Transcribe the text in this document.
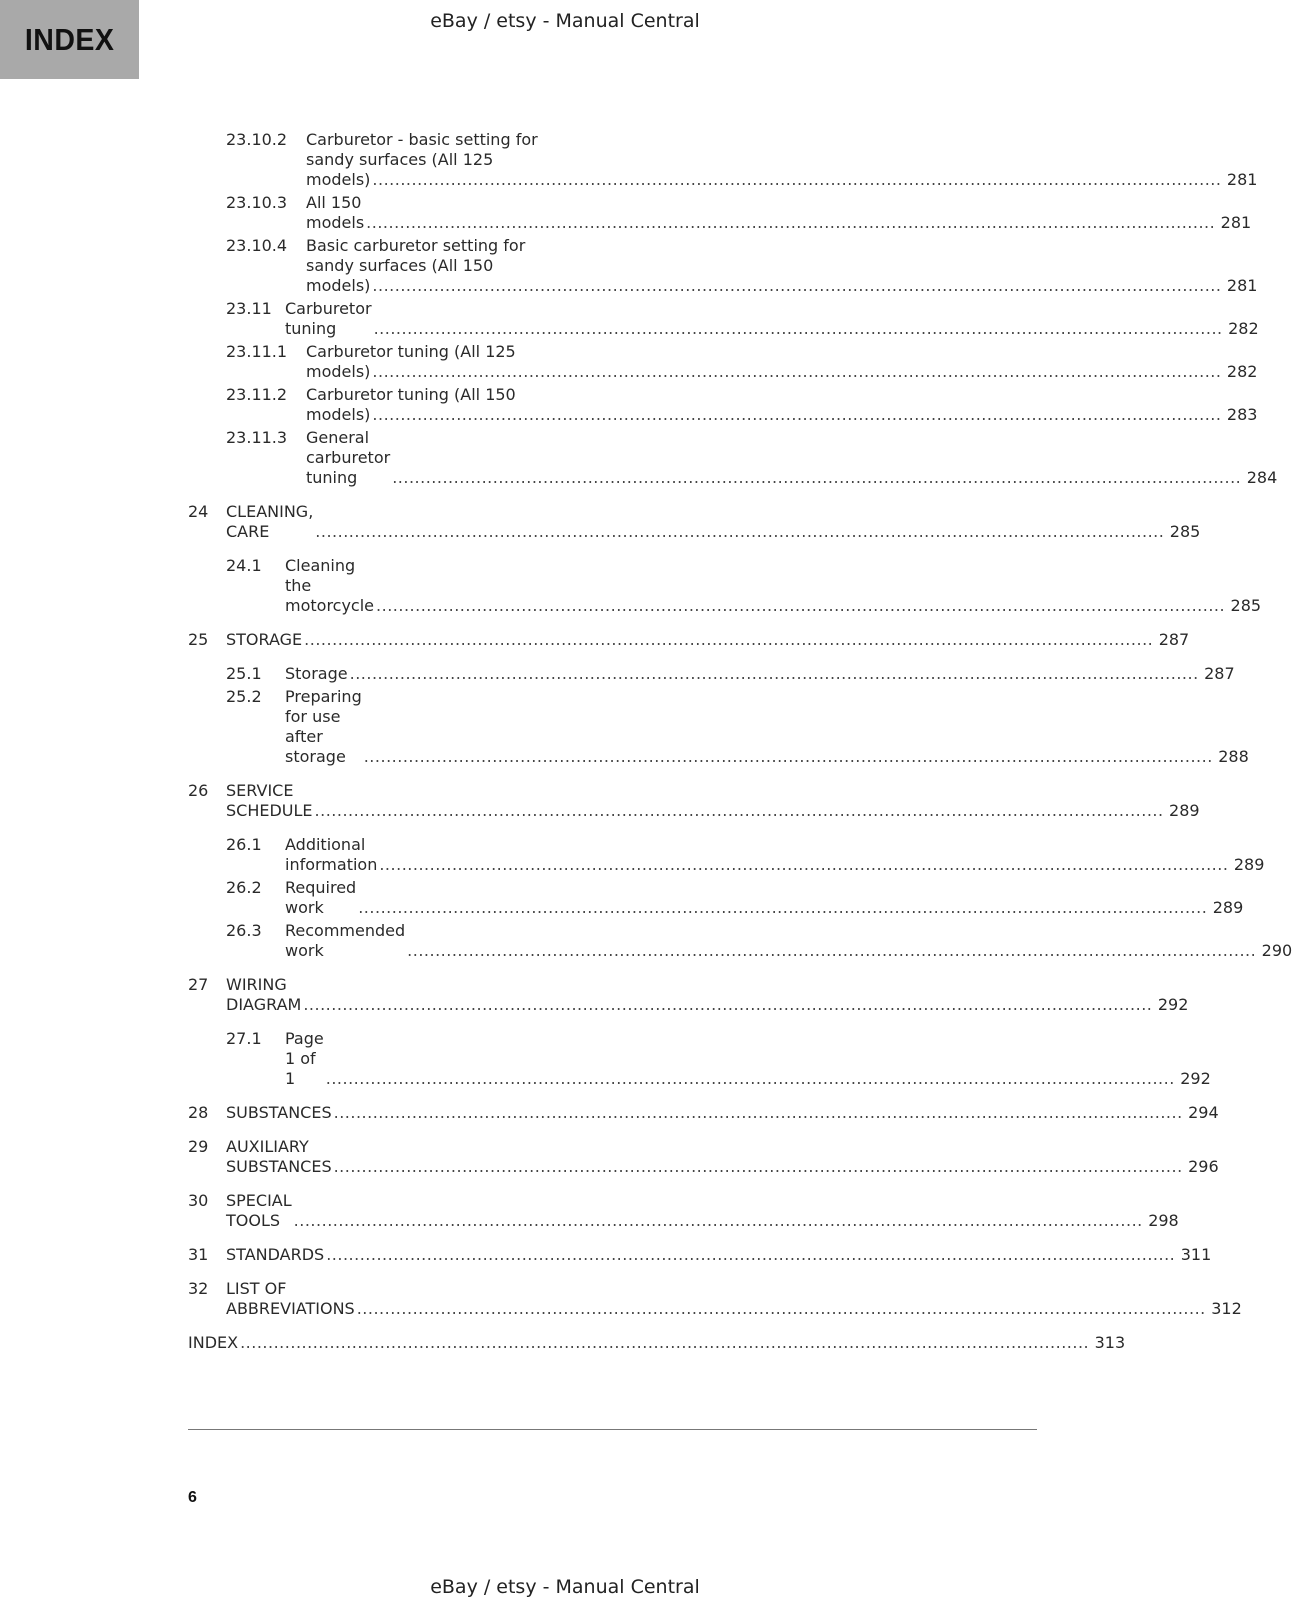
INDEX
eBay / etsy - Manual Central
23.10.2 Carburetor - basic setting for
sandy surfaces (All 125
models) .....	281
23.10.3 All 150 models .....	281
23.10.4 Basic carburetor setting for
sandy surfaces (All 150
models) .....	281
23.11 Carburetor tuning .....	282
23.11.1 Carburetor tuning (All 125
models) .....	282
23.11.2 Carburetor tuning (All 150
models) .....	283
23.11.3 General carburetor tuning .....	284
24 CLEANING, CARE .....	285
24.1 Cleaning the motorcycle .....	285
25 STORAGE .....	287
25.1 Storage .....	287
25.2 Preparing for use after storage .....	288
26 SERVICE SCHEDULE .....	289
26.1 Additional information .....	289
26.2 Required work .....	289
26.3 Recommended work .....	290
27 WIRING DIAGRAM .....	292
27.1 Page 1 of 1 .....	292
28 SUBSTANCES .....	294
29 AUXILIARY SUBSTANCES .....	296
30 SPECIAL TOOLS .....	298
31 STANDARDS .....	311
32 LIST OF ABBREVIATIONS .....	312
INDEX .....	313
6
eBay / etsy - Manual Central
